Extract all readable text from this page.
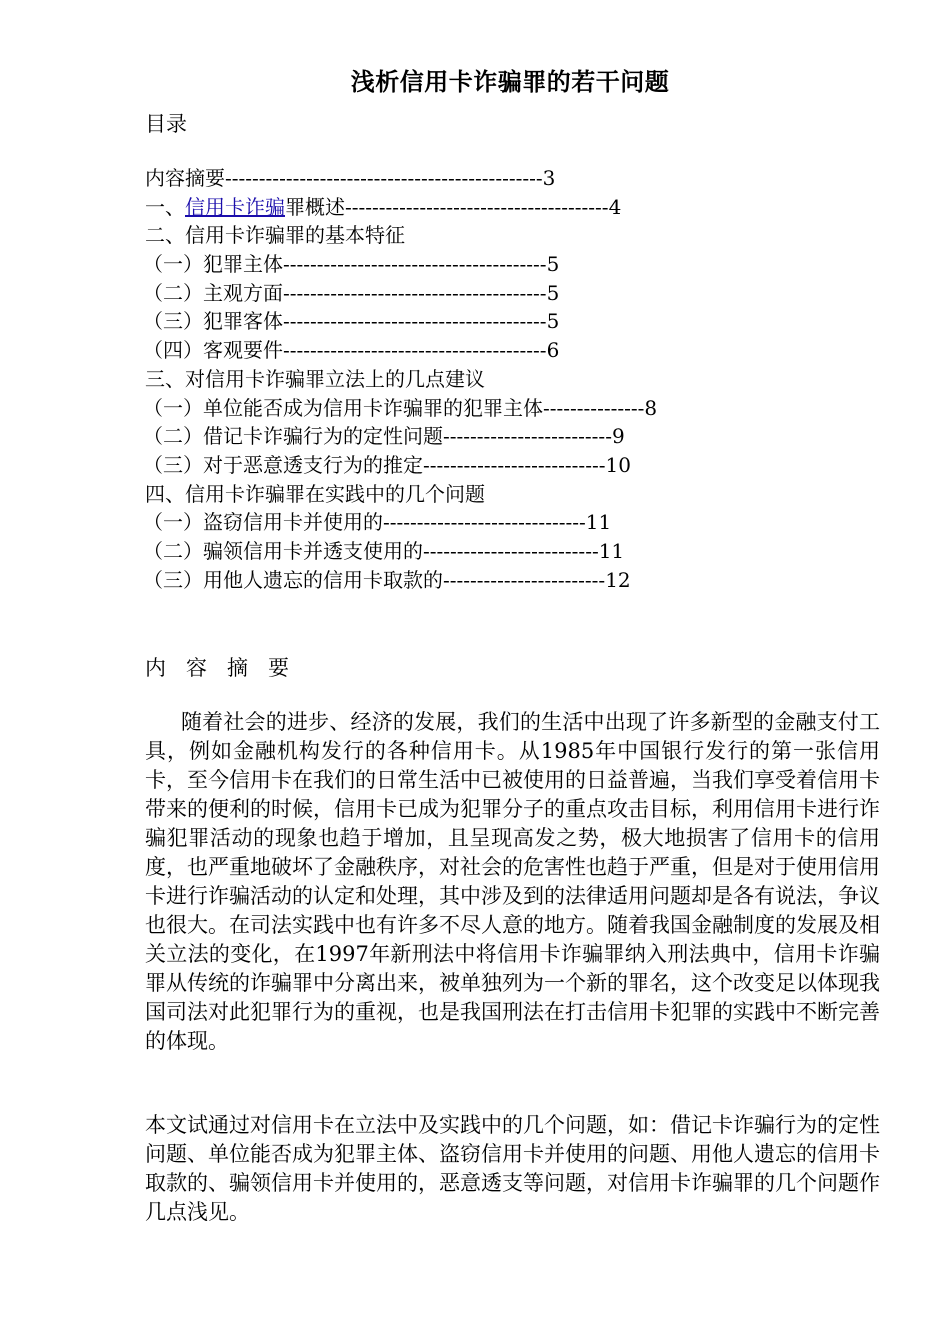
浅析信用卡诈骗罪的若干问题
目录
内容摘要-----------------------------------------------3
一、信用卡诈骗罪概述---------------------------------------4
二、信用卡诈骗罪的基本特征
（一）犯罪主体---------------------------------------5
（二）主观方面---------------------------------------5
（三）犯罪客体---------------------------------------5
（四）客观要件---------------------------------------6
三、对信用卡诈骗罪立法上的几点建议
（一）单位能否成为信用卡诈骗罪的犯罪主体---------------8
（二）借记卡诈骗行为的定性问题-------------------------9
（三）对于恶意透支行为的推定---------------------------10
四、信用卡诈骗罪在实践中的几个问题
（一）盗窃信用卡并使用的------------------------------11
（二）骗领信用卡并透支使用的--------------------------11
（三）用他人遗忘的信用卡取款的------------------------12
内容摘要

随着社会的进步、经济的发展，我们的生活中出现了许多新型的金融支付工具，例如金融机构发行的各种信用卡。从1985年中国银行发行的第一张信用卡，至今信用卡在我们的日常生活中已被使用的日益普遍，当我们享受着信用卡带来的便利的时候，信用卡已成为犯罪分子的重点攻击目标，利用信用卡进行诈骗犯罪活动的现象也趋于增加，且呈现高发之势，极大地损害了信用卡的信用度，也严重地破坏了金融秩序，对社会的危害性也趋于严重，但是对于使用信用卡进行诈骗活动的认定和处理，其中涉及到的法律适用问题却是各有说法，争议也很大。在司法实践中也有许多不尽人意的地方。随着我国金融制度的发展及相关立法的变化，在1997年新刑法中将信用卡诈骗罪纳入刑法典中，信用卡诈骗罪从传统的诈骗罪中分离出来，被单独列为一个新的罪名，这个改变足以体现我国司法对此犯罪行为的重视，也是我国刑法在打击信用卡犯罪的实践中不断完善的体现。

本文试通过对信用卡在立法中及实践中的几个问题，如：借记卡诈骗行为的定性问题、单位能否成为犯罪主体、盗窃信用卡并使用的问题、用他人遗忘的信用卡取款的、骗领信用卡并使用的，恶意透支等问题，对信用卡诈骗罪的几个问题作几点浅见。
